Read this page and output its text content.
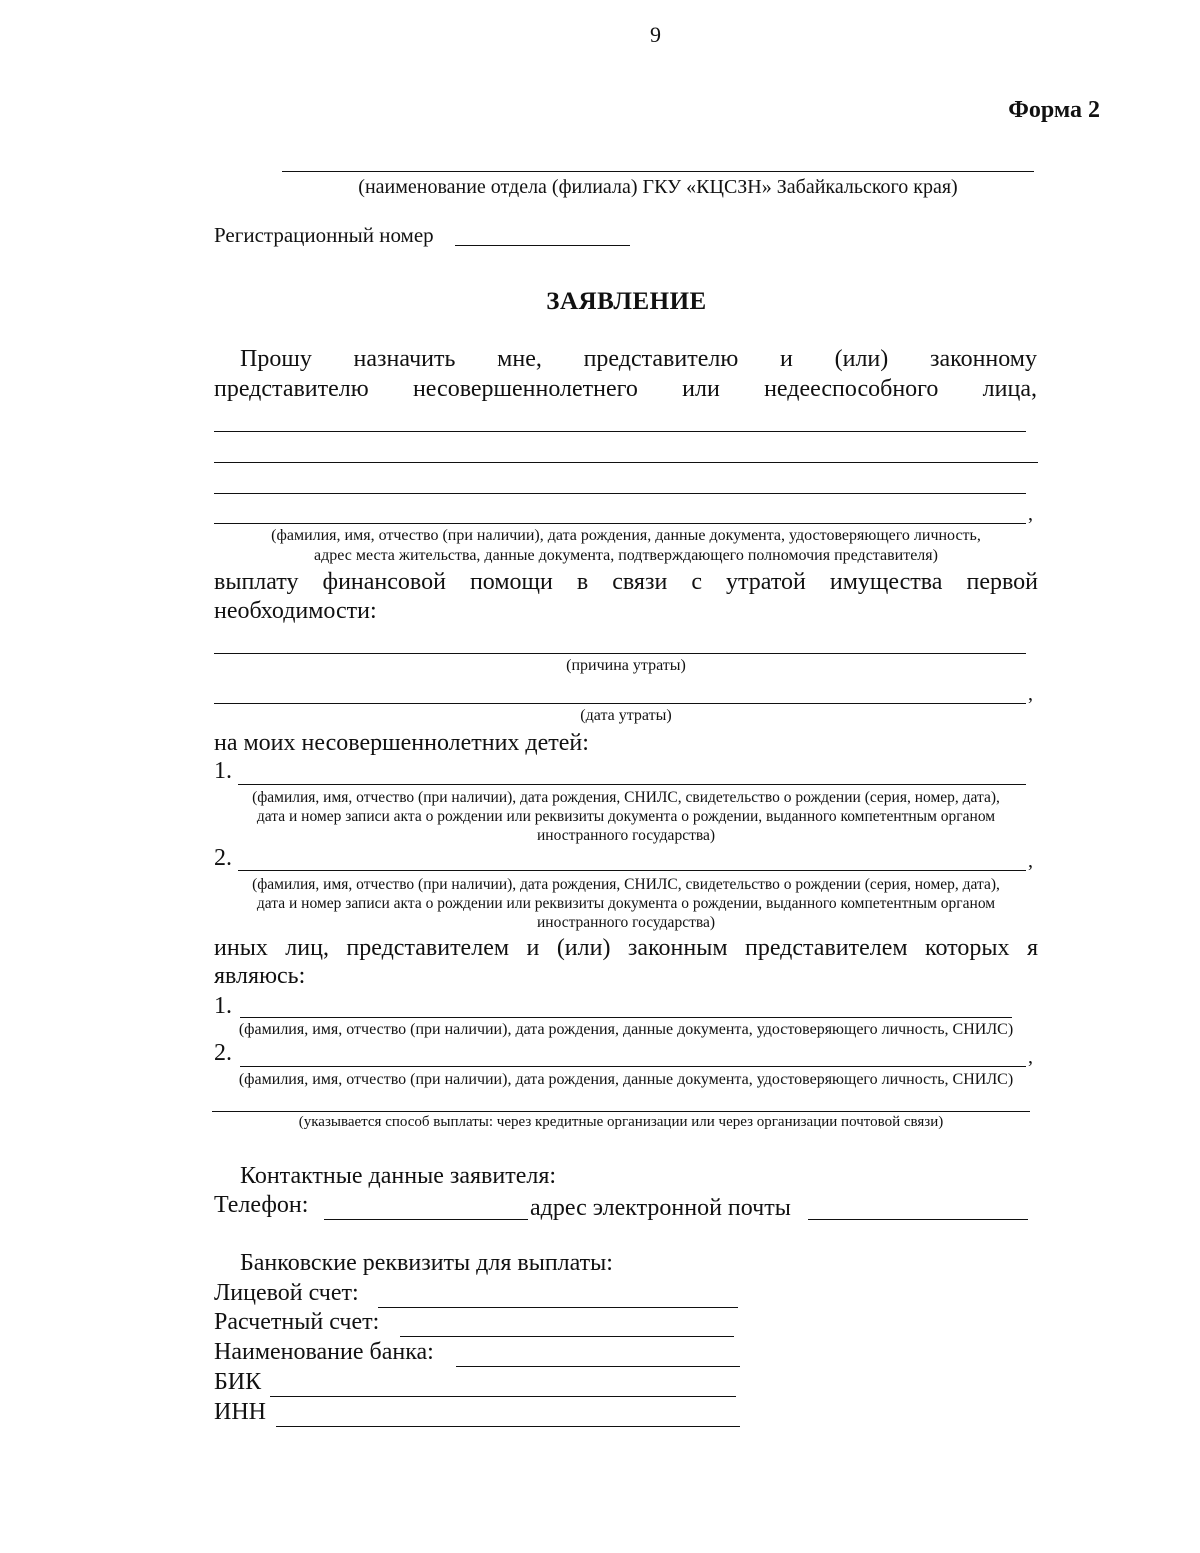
9
Форма 2
(наименование отдела (филиала) ГКУ «КЦСЗН» Забайкальского края)
Регистрационный номер
ЗАЯВЛЕНИЕ
Прошу назначить мне, представителю и (или) законному
представителю несовершеннолетнего или недееспособного лица,
,
(фамилия, имя, отчество (при наличии), дата рождения, данные документа, удостоверяющего личность,
адрес места жительства, данные документа, подтверждающего полномочия представителя)
выплату финансовой помощи в связи с утратой имущества первой
необходимости:
(причина утраты)
,
(дата утраты)
на моих несовершеннолетних детей:
1.
(фамилия, имя, отчество (при наличии), дата рождения, СНИЛС, свидетельство о рождении (серия, номер, дата),
дата и номер записи акта о рождении или реквизиты документа о рождении, выданного компетентным органом
иностранного государства)
2.	,
(фамилия, имя, отчество (при наличии), дата рождения, СНИЛС, свидетельство о рождении (серия, номер, дата),
дата и номер записи акта о рождении или реквизиты документа о рождении, выданного компетентным органом
иностранного государства)
иных лиц, представителем и (или) законным представителем которых я
являюсь:
1.
(фамилия, имя, отчество (при наличии), дата рождения, данные документа, удостоверяющего личность, СНИЛС)
2.	,
(фамилия, имя, отчество (при наличии), дата рождения, данные документа, удостоверяющего личность, СНИЛС)
(указывается способ выплаты: через кредитные организации или через организации почтовой связи)
Контактные данные заявителя:
Телефон:	адрес электронной почты
Банковские реквизиты для выплаты:
Лицевой счет:
Расчетный счет:
Наименование банка:
БИК
ИНН
